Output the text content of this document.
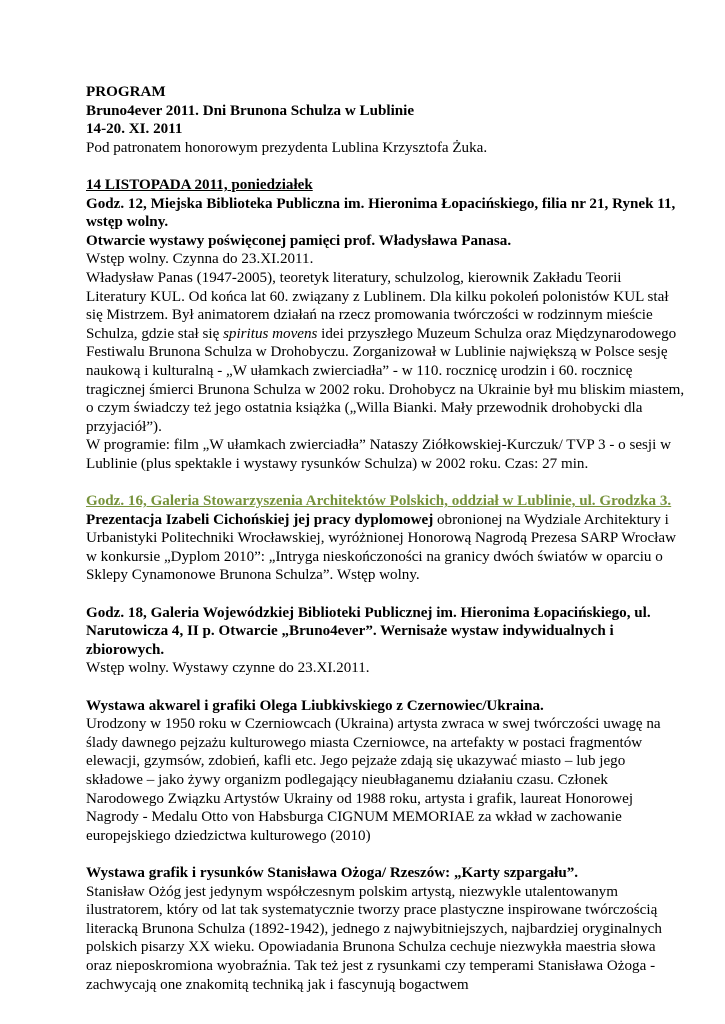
PROGRAM

Bruno4ever 2011. Dni Brunona Schulza w Lublinie

14-20. XI. 2011

Pod patronatem honorowym prezydenta Lublina Krzysztofa Żuka.

14 LISTOPADA 2011, poniedziałek

Godz. 12, Miejska Biblioteka Publiczna im. Hieronima Łopacińskiego, filia nr 21, Rynek 11, wstęp wolny.

Otwarcie wystawy poświęconej pamięci prof. Władysława Panasa.

Wstęp wolny. Czynna do 23.XI.2011.

Władysław Panas (1947-2005), teoretyk literatury, schulzolog, kierownik Zakładu Teorii Literatury KUL. Od końca lat 60. związany z Lublinem. Dla kilku pokoleń polonistów KUL stał się Mistrzem. Był animatorem działań na rzecz promowania twórczości w rodzinnym mieście Schulza, gdzie stał się spiritus movens idei przyszłego Muzeum Schulza oraz Międzynarodowego Festiwalu Brunona Schulza w Drohobyczu. Zorganizował w Lublinie największą w Polsce sesję naukową i kulturalną - „W ułamkach zwierciadła” - w 110. rocznicę urodzin i 60. rocznicę tragicznej śmierci Brunona Schulza w 2002 roku. Drohobycz na Ukrainie był mu bliskim miastem, o czym świadczy też jego ostatnia książka („Willa Bianki. Mały przewodnik drohobycki dla przyjaciół”).

W programie: film „W ułamkach zwierciadła” Nataszy Ziółkowskiej-Kurczuk/ TVP 3 - o sesji w Lublinie (plus spektakle i wystawy rysunków Schulza) w 2002 roku. Czas: 27 min.

Godz. 16, Galeria Stowarzyszenia Architektów Polskich, oddział w Lublinie, ul. Grodzka 3.

Prezentacja Izabeli Cichońskiej jej pracy dyplomowej obronionej na Wydziale Architektury i Urbanistyki Politechniki Wrocławskiej, wyróżnionej Honorową Nagrodą Prezesa SARP Wrocław w konkursie „Dyplom 2010”: „Intryga nieskończoności na granicy dwóch światów w oparciu o Sklepy Cynamonowe Brunona Schulza”. Wstęp wolny.

Godz. 18, Galeria Wojewódzkiej Biblioteki Publicznej im. Hieronima Łopacińskiego, ul. Narutowicza 4, II p. Otwarcie „Bruno4ever”. Wernisaże wystaw indywidualnych i zbiorowych.

Wstęp wolny. Wystawy czynne do 23.XI.2011.

Wystawa akwarel i grafiki Olega Liubkivskiego z Czernowiec/Ukraina.

Urodzony w 1950 roku w Czerniowcach (Ukraina) artysta zwraca w swej twórczości uwagę na ślady dawnego pejzażu kulturowego miasta Czerniowce, na artefakty w postaci fragmentów elewacji, gzymsów, zdobień, kafli etc. Jego pejzaże zdają się ukazywać miasto – lub jego składowe – jako żywy organizm podlegający nieubłaganemu działaniu czasu. Członek Narodowego Związku Artystów Ukrainy od 1988 roku, artysta i grafik, laureat Honorowej Nagrody - Medalu Otto von Habsburga CIGNUM MEMORIAE za wkład w zachowanie europejskiego dziedzictwa kulturowego (2010)

Wystawa grafik i rysunków Stanisława Ożoga/ Rzeszów: „Karty szpargału”.

Stanisław Ożóg jest jedynym współczesnym polskim artystą, niezwykle utalentowanym ilustratorem, który od lat tak systematycznie tworzy prace plastyczne inspirowane twórczością literacką Brunona Schulza (1892-1942), jednego z najwybitniejszych, najbardziej oryginalnych polskich pisarzy XX wieku. Opowiadania Brunona Schulza cechuje niezwykła maestria słowa oraz nieposkromiona wyobraźnia. Tak też jest z rysunkami czy temperami Stanisława Ożoga - zachwycają one znakomitą techniką jak i fascynują bogactwem
